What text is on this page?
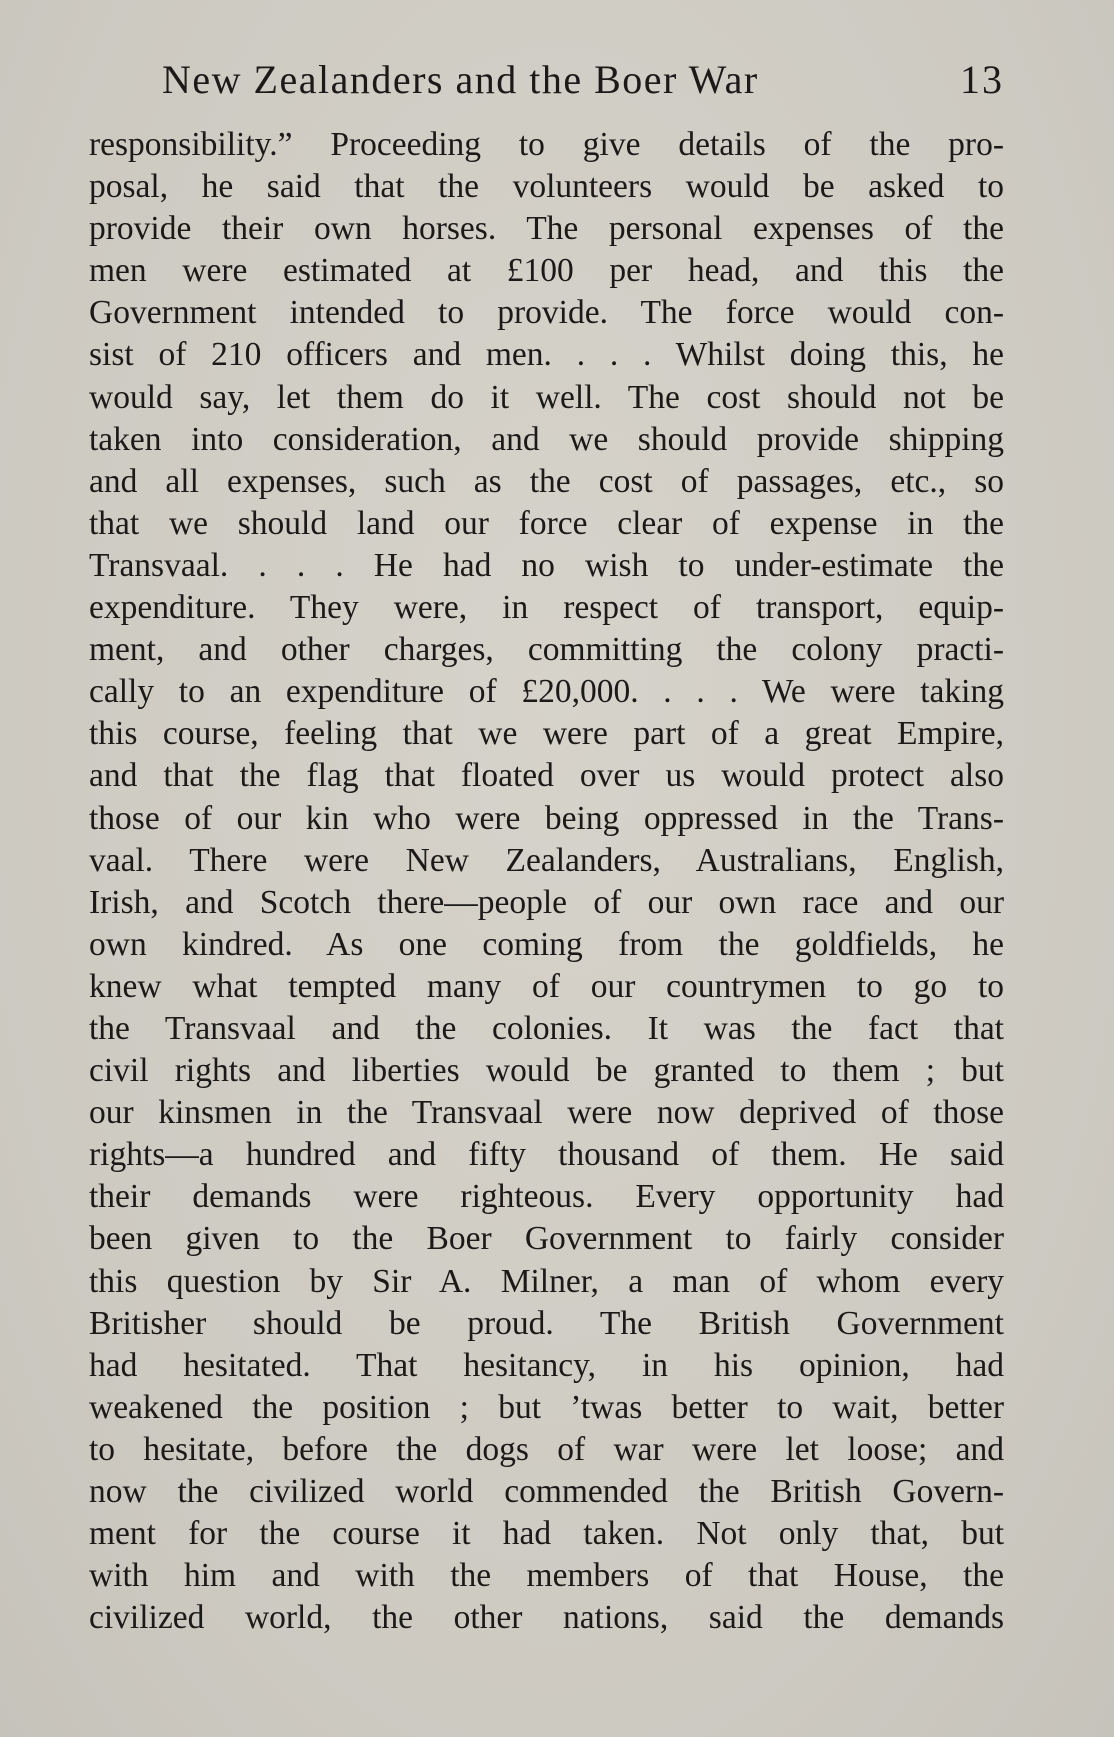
New Zealanders and the Boer War	13
responsibility.” Proceeding to give details of the pro-
posal, he said that the volunteers would be asked to
provide their own horses. The personal expenses of the
men were estimated at £100 per head, and this the
Government intended to provide. The force would con-
sist of 210 officers and men. . . . Whilst doing this, he
would say, let them do it well. The cost should not be
taken into consideration, and we should provide shipping
and all expenses, such as the cost of passages, etc., so
that we should land our force clear of expense in the
Transvaal. . . . He had no wish to under-estimate the
expenditure. They were, in respect of transport, equip-
ment, and other charges, committing the colony practi-
cally to an expenditure of £20,000. . . . We were taking
this course, feeling that we were part of a great Empire,
and that the flag that floated over us would protect also
those of our kin who were being oppressed in the Trans-
vaal. There were New Zealanders, Australians, English,
Irish, and Scotch there—people of our own race and our
own kindred. As one coming from the goldfields, he
knew what tempted many of our countrymen to go to
the Transvaal and the colonies. It was the fact that
civil rights and liberties would be granted to them ; but
our kinsmen in the Transvaal were now deprived of those
rights—a hundred and fifty thousand of them. He said
their demands were righteous. Every opportunity had
been given to the Boer Government to fairly consider
this question by Sir A. Milner, a man of whom every
Britisher should be proud. The British Government
had hesitated. That hesitancy, in his opinion, had
weakened the position ; but ’twas better to wait, better
to hesitate, before the dogs of war were let loose; and
now the civilized world commended the British Govern-
ment for the course it had taken. Not only that, but
with him and with the members of that House, the
civilized world, the other nations, said the demands
